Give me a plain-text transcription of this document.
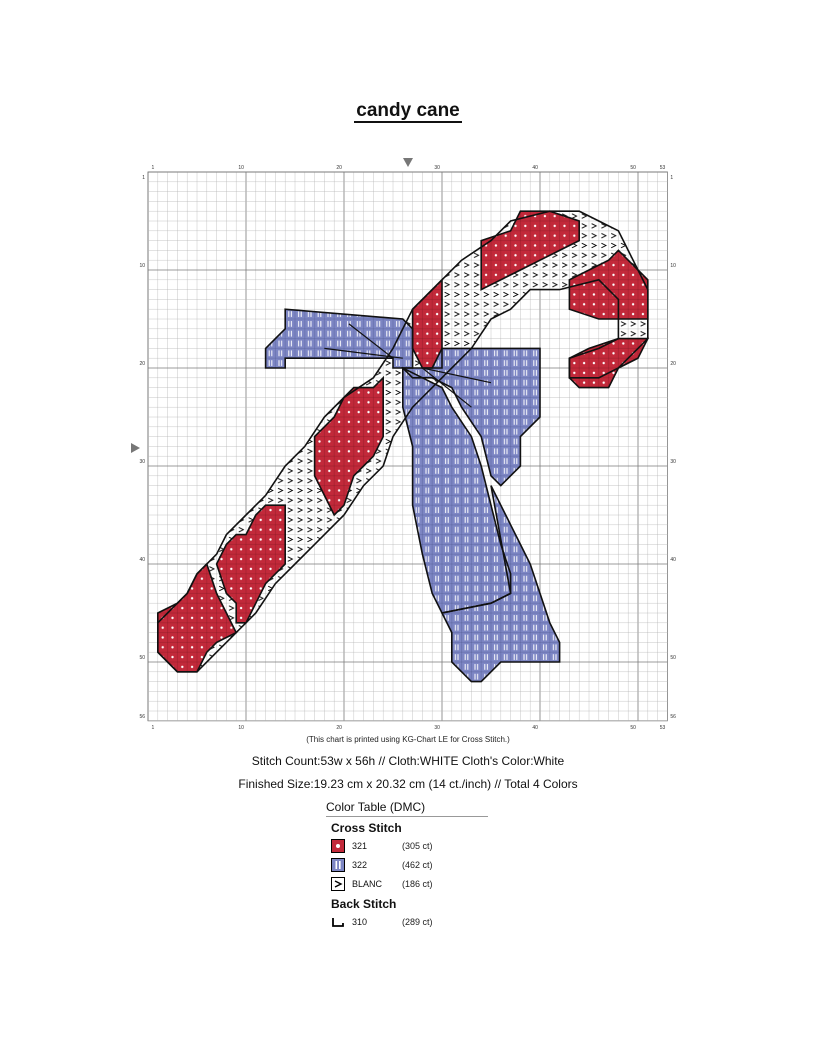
candy cane
1
1
10
10
20
20
30
30
40
40
50
50
53
53
1	1
10	10
20	20
30	30
40	40
50	50
56	56
(This chart is printed using KG-Chart LE for Cross Stitch.)
Stitch Count:53w x 56h // Cloth:WHITE Cloth's Color:White
Finished Size:19.23 cm x 20.32 cm (14 ct./inch) // Total 4 Colors
Color Table (DMC)
Cross Stitch
321	(305 ct)
322	(462 ct)
BLANC	(186 ct)
Back Stitch
310	(289 ct)
